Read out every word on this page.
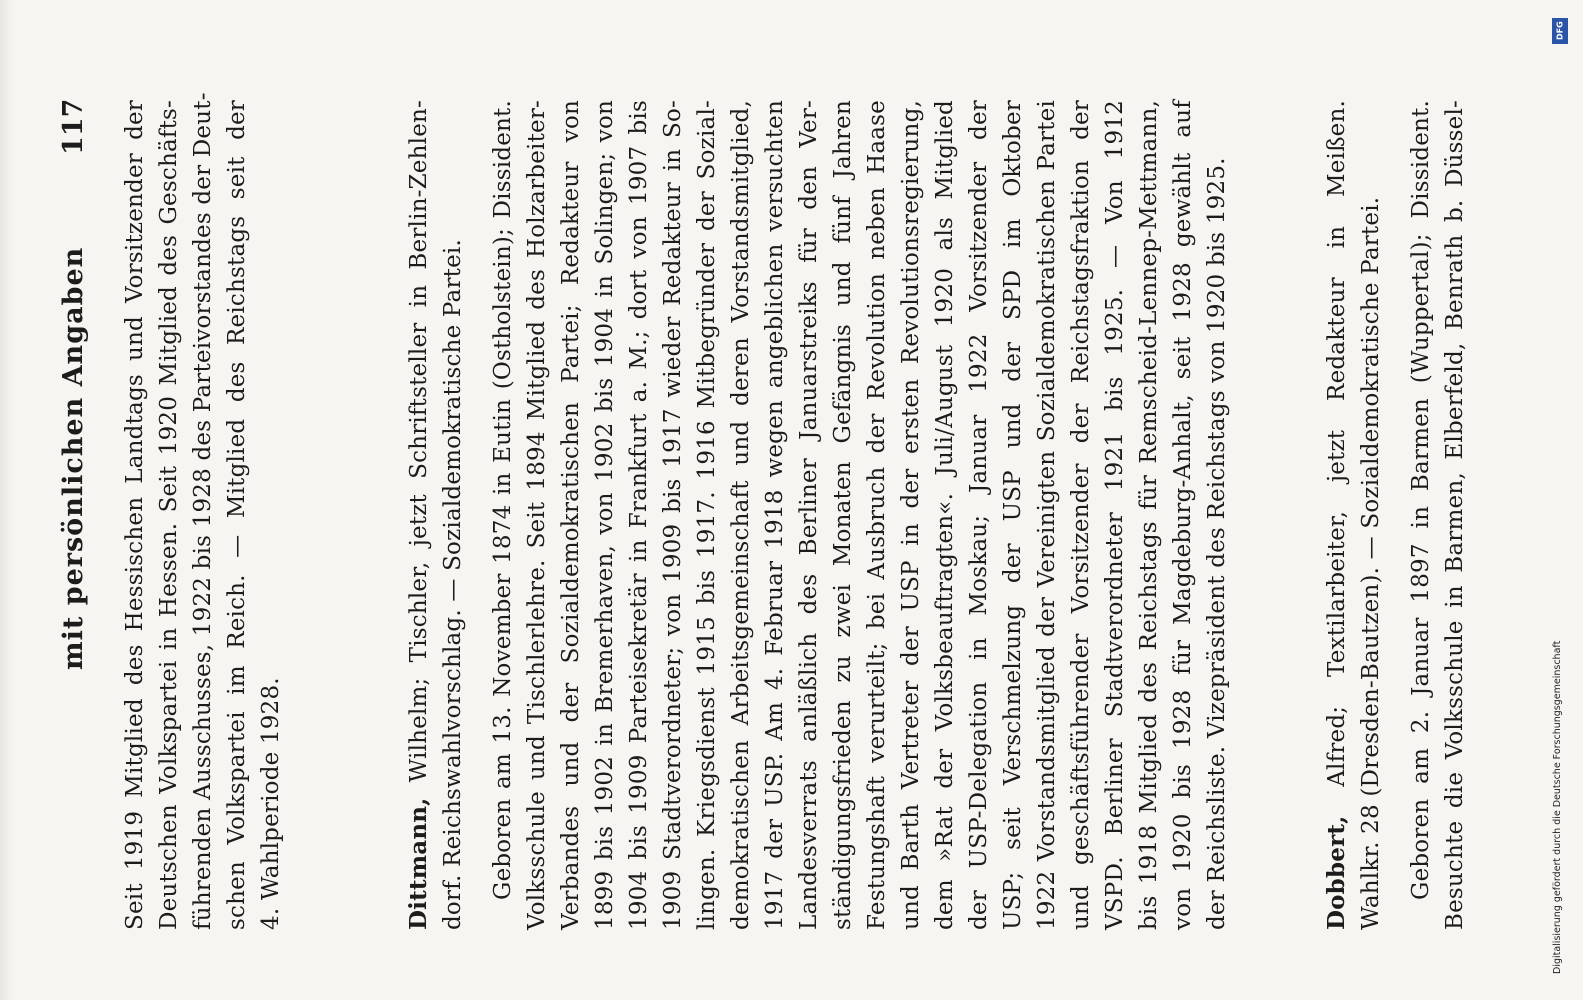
mit persönlichen Angaben
117 Seit 1919 Mitglied des Hessischen Landtags und Vorsitzender der Deutschen Volkspartei in Hessen. Seit 1920 Mitglied des Geschäfts- führenden Ausschusses, 1922 bis 1928 des Parteivorstandes der Deut- schen Volkspartei im Reich. — Mitglied des Reichstags seit der 4. Wahlperiode 1928.	Dittmann, Wilhelm; Tischler, jetzt Schriftsteller in Berlin-Zehlen- dorf. Reichswahlvorschlag. — Sozialdemokratische Partei. Geboren am 13. November 1874 in Eutin (Ostholstein); Dissident. Volksschule und Tischlerlehre. Seit 1894 Mitglied des Holzarbeiter- Verbandes und der Sozialdemokratischen Partei; Redakteur von 1899 bis 1902 in Bremerhaven, von 1902 bis 1904 in Solingen; von 1904 bis 1909 Parteisekretär in Frankfurt a. M.; dort von 1907 bis 1909 Stadtverordneter; von 1909 bis 1917 wieder Redakteur in So- lingen. Kriegsdienst 1915 bis 1917. 1916 Mitbegründer der Sozial- demokratischen Arbeitsgemeinschaft und deren Vorstandsmitglied, 1917 der USP. Am 4. Februar 1918 wegen angeblichen versuchten Landesverrats anläßlich des Berliner Januarstreiks für den Ver- ständigungsfrieden zu zwei Monaten Gefängnis und fünf Jahren Festungshaft verurteilt; bei Ausbruch der Revolution neben Haase und Barth Vertreter der USP in der ersten Revolutionsregierung, dem »Rat der Volksbeauftragten«. Juli/August 1920 als Mitglied der USP-Delegation in Moskau; Januar 1922 Vorsitzender der USP; seit Verschmelzung der USP und der SPD im Oktober 1922 Vorstandsmitglied der Vereinigten Sozialdemokratischen Partei und geschäftsführender Vorsitzender der Reichstagsfraktion der VSPD. Berliner Stadtverordneter 1921 bis 1925. — Von 1912 bis 1918 Mitglied des Reichstags für Remscheid-Lennep-Mettmann, von 1920 bis 1928 für Magdeburg-Anhalt, seit 1928 gewählt auf der Reichsliste. Vizepräsident des Reichstags von 1920 bis 1925.	Dobbert, Alfred; Textilarbeiter, jetzt Redakteur in Meißen. Wahlkr. 28 (Dresden-Bautzen). — Sozialdemokratische Partei. Geboren am 2. Januar 1897 in Barmen (Wuppertal); Dissident. Besuchte die Volksschule in Barmen, Elberfeld, Benrath b. Düssel-
DFG
Digitalisierung gefördert durch die Deutsche Forschungsgemeinschaft
